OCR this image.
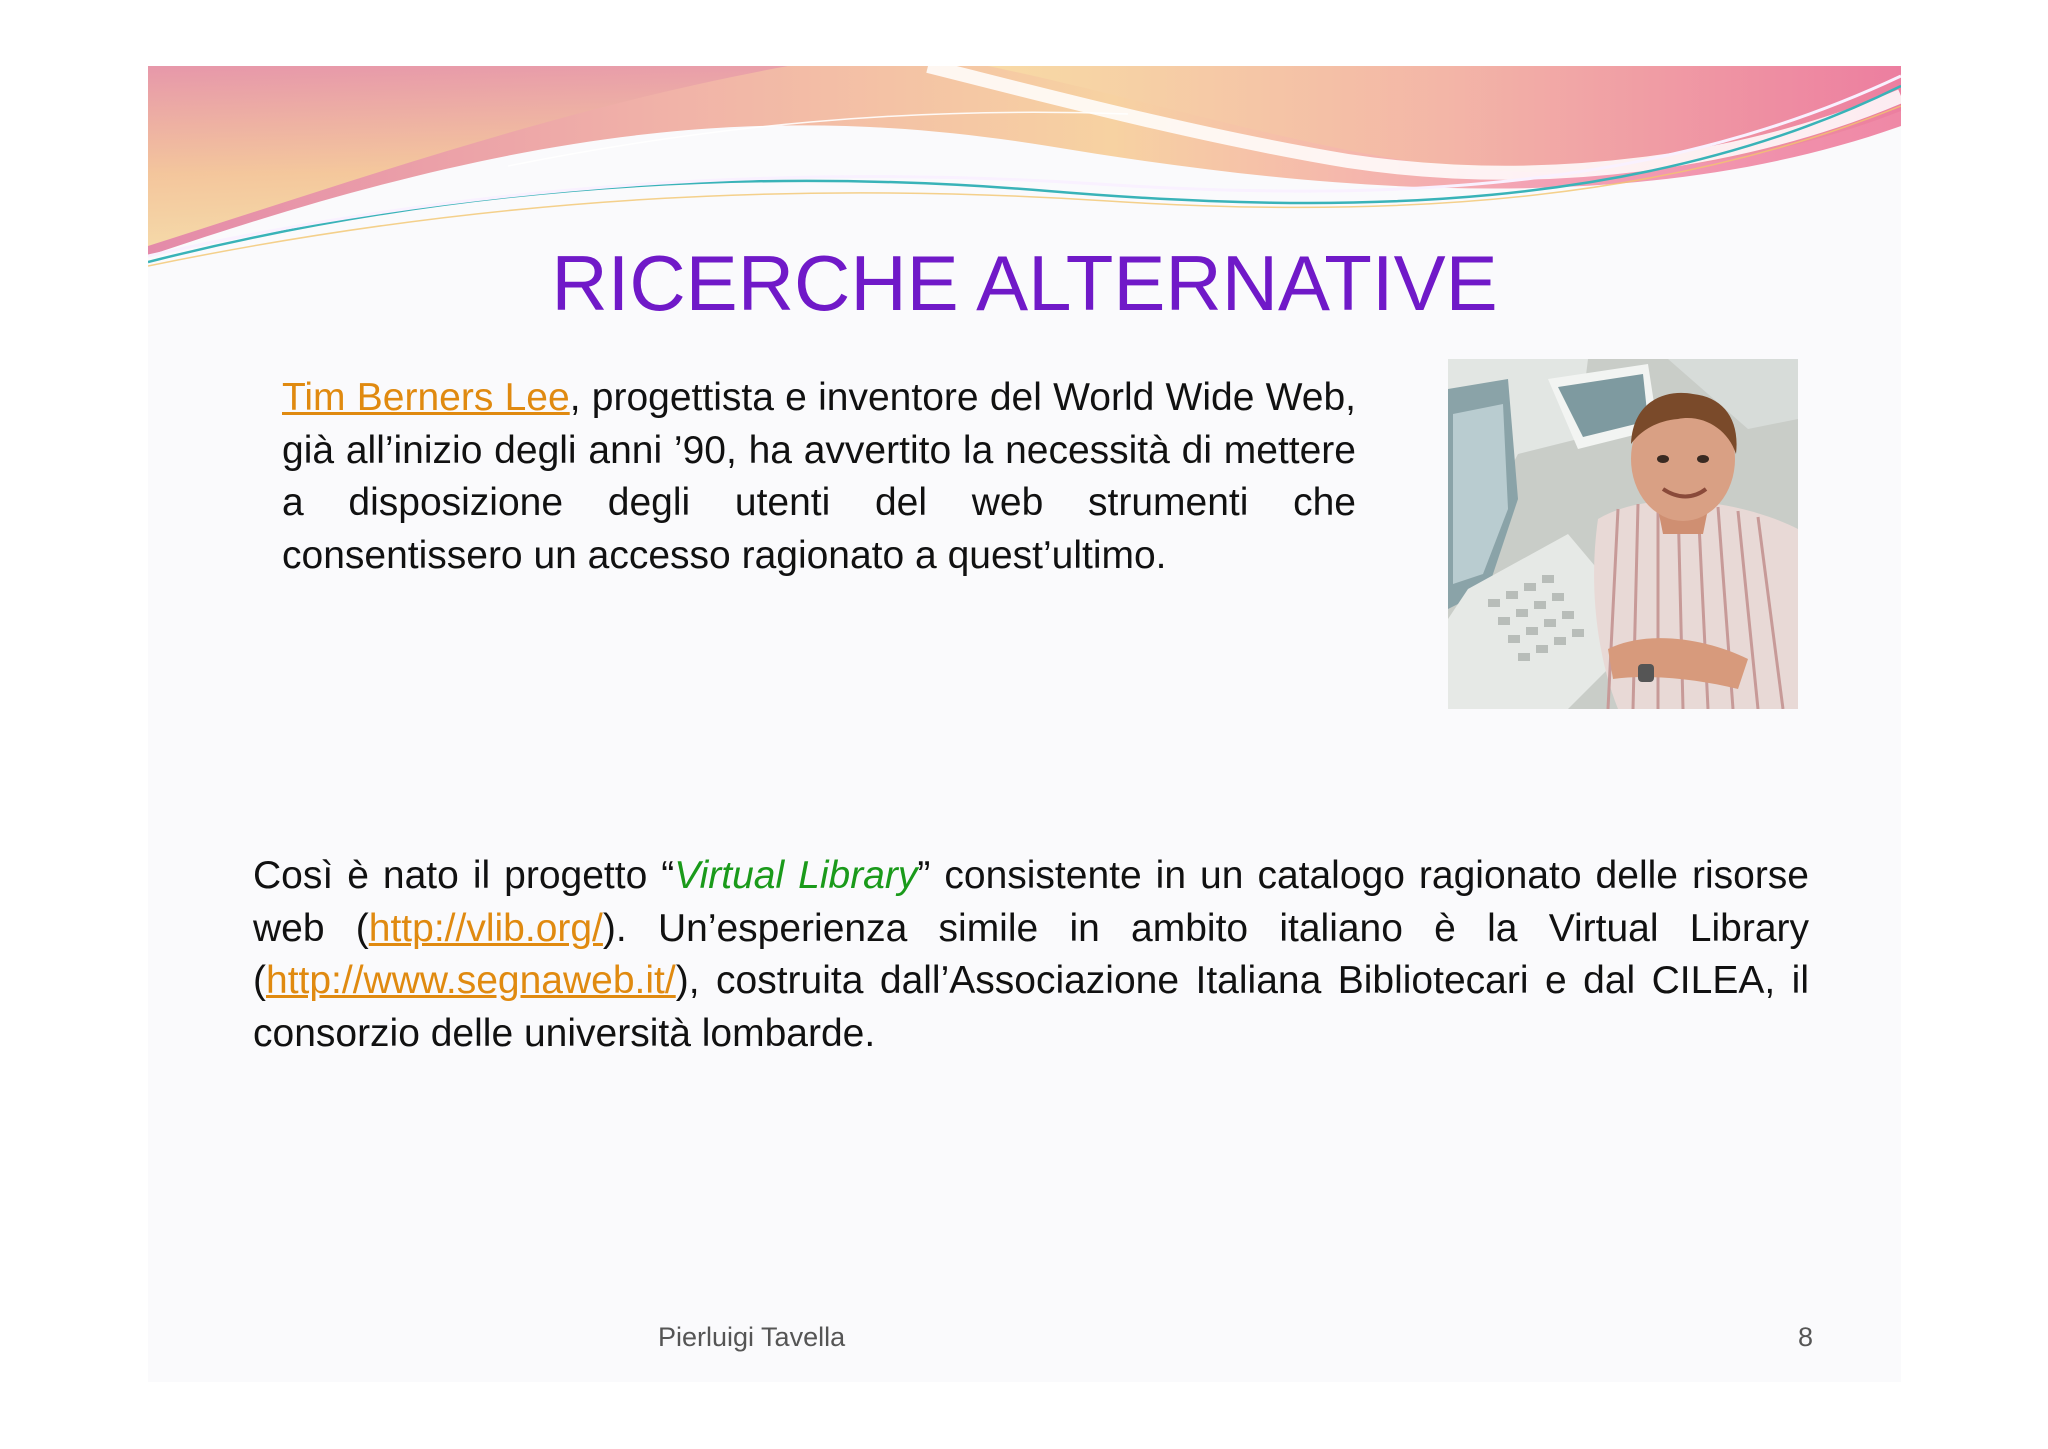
RICERCHE ALTERNATIVE

Tim Berners Lee, progettista e inventore del World Wide Web, già all’inizio degli anni ’90, ha avvertito la necessità di mettere a disposizione degli utenti del web strumenti che consentissero un accesso ragionato a quest’ultimo.

Così è nato il progetto “Virtual Library” consistente in un catalogo ragionato delle risorse web (http://vlib.org/). Un’esperienza simile in ambito italiano è la Virtual Library (http://www.segnaweb.it/), costruita dall’Associazione Italiana Bibliotecari e dal CILEA, il consorzio delle università lombarde.

Pierluigi Tavella	8
